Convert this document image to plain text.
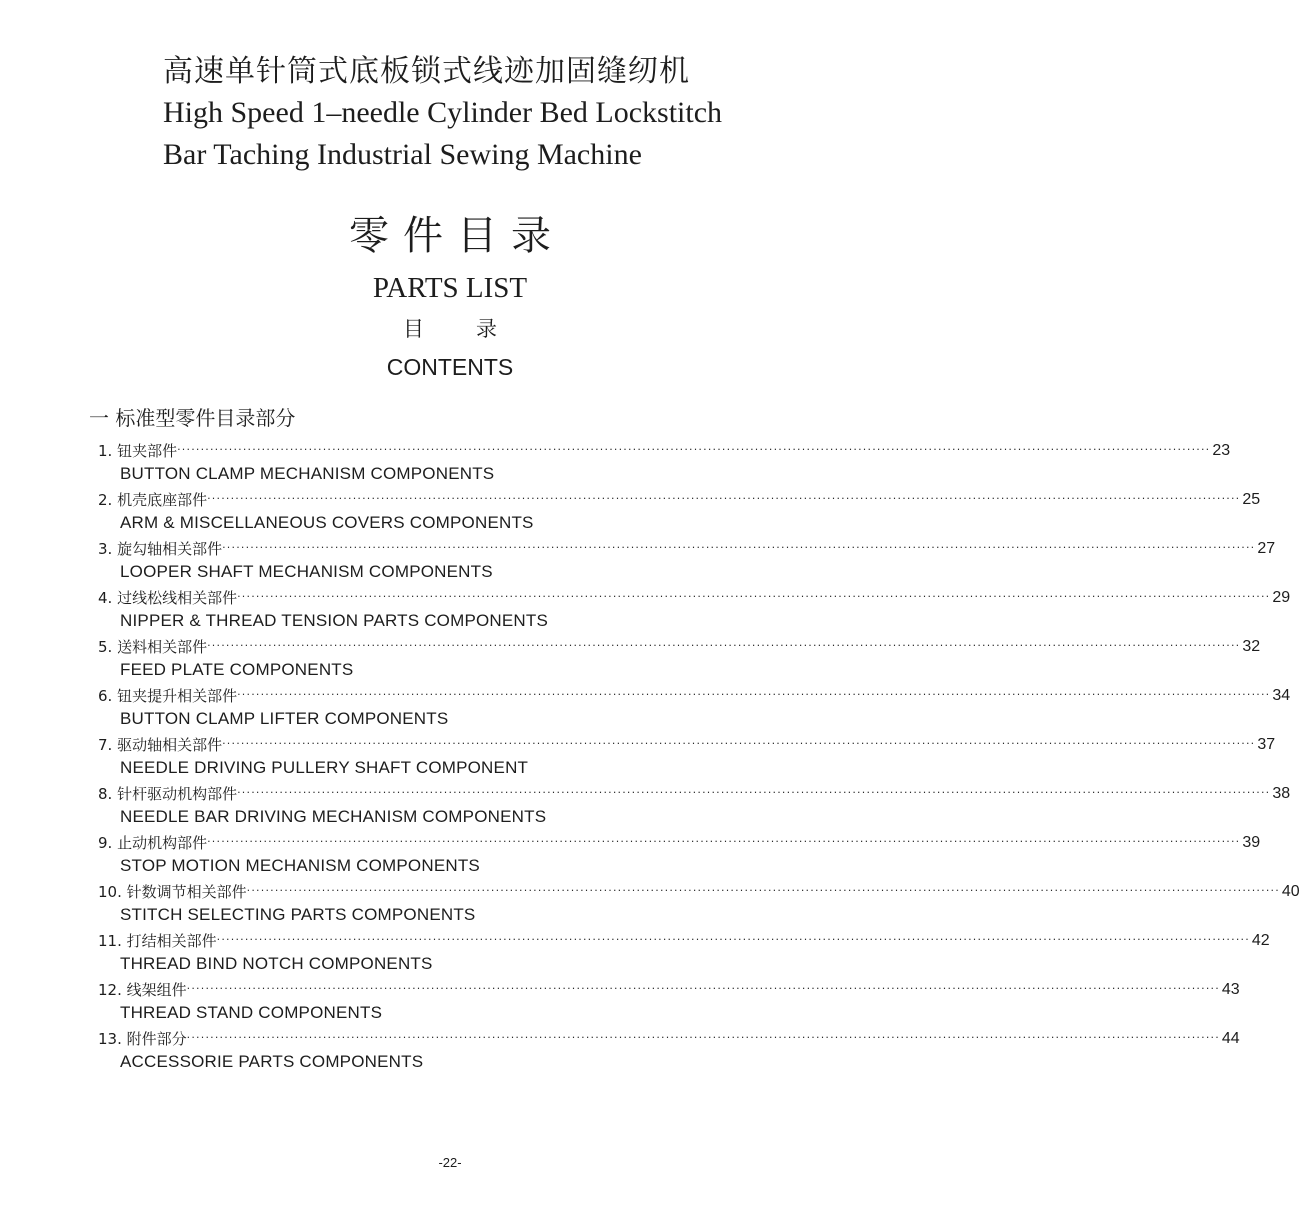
高速单针筒式底板锁式线迹加固缝纫机
High Speed 1–needle Cylinder Bed Lockstitch
Bar Taching Industrial Sewing Machine
零件目录
PARTS LIST
目录
CONTENTS
一 标准型零件目录部分
1.
钮夹部件 ···························································································································································································································· 23
BUTTON CLAMP MECHANISM COMPONENTS
2.
机壳底座部件 ···························································································································································································································· 25
ARM & MISCELLANEOUS COVERS COMPONENTS
3.
旋勾轴相关部件 ···························································································································································································································· 27
LOOPER SHAFT MECHANISM COMPONENTS
4.
过线松线相关部件 ···························································································································································································································· 29
NIPPER & THREAD TENSION PARTS COMPONENTS
5.
送料相关部件 ···························································································································································································································· 32
FEED PLATE COMPONENTS
6.
钮夹提升相关部件 ···························································································································································································································· 34
BUTTON CLAMP LIFTER COMPONENTS
7.
驱动轴相关部件 ···························································································································································································································· 37
NEEDLE DRIVING PULLERY SHAFT COMPONENT
8.
针杆驱动机构部件 ···························································································································································································································· 38
NEEDLE BAR DRIVING MECHANISM COMPONENTS
9.
止动机构部件 ···························································································································································································································· 39
STOP MOTION MECHANISM COMPONENTS
10.
针数调节相关部件 ···························································································································································································································· 40
STITCH SELECTING PARTS COMPONENTS
11.
打结相关部件 ···························································································································································································································· 42
THREAD BIND NOTCH COMPONENTS
12.
线架组件 ···························································································································································································································· 43
THREAD STAND COMPONENTS
13.
附件部分 ···························································································································································································································· 44
ACCESSORIE PARTS COMPONENTS
-22-
